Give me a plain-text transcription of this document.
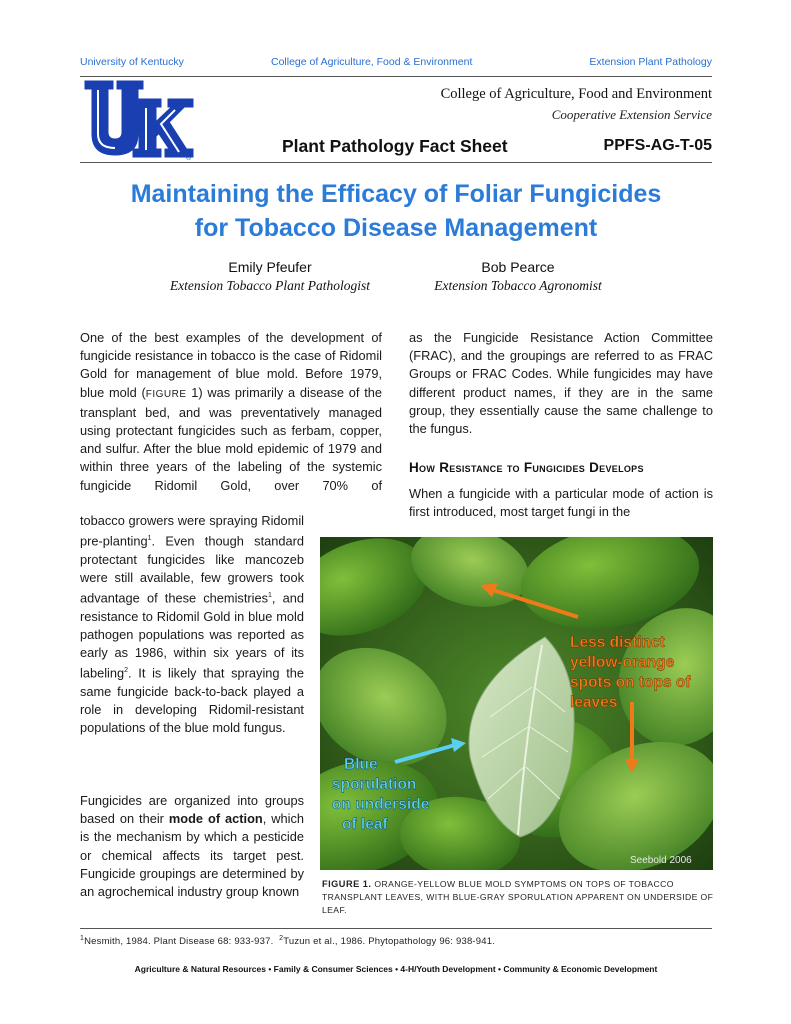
University of Kentucky	College of Agriculture, Food & Environment	Extension Plant Pathology
®
College of Agriculture, Food and Environment
Cooperative Extension Service
Plant Pathology Fact Sheet	PPFS-AG-T-05
Maintaining the Efficacy of Foliar Fungicides
for Tobacco Disease Management
Emily Pfeufer
Extension Tobacco Plant Pathologist
Bob Pearce
Extension Tobacco Agronomist
One of the best examples of the development of fungicide resistance in tobacco is the case of Ridomil Gold for management of blue mold. Before 1979, blue mold (FIGURE 1) was primarily a disease of the transplant bed, and was preventatively managed using protectant fungicides such as ferbam, copper, and sulfur. After the blue mold epidemic of 1979 and within three years of the labeling of the systemic fungicide Ridomil Gold, over 70% of
tobacco growers were spraying Ridomil pre-planting$^1$. Even though standard protectant fungicides like mancozeb were still available, few growers took advantage of these chemistries$^1$, and resistance to Ridomil Gold in blue mold pathogen populations was reported as early as 1986, within six years of its labeling$^2$. It is likely that spraying the same fungicide back-to-back played a role in developing Ridomil-resistant populations of the blue mold fungus.
Fungicides are organized into groups based on their mode of action, which is the mechanism by which a pesticide or chemical affects its target pest. Fungicide groupings are determined by an agrochemical industry group known
as the Fungicide Resistance Action Committee (FRAC), and the groupings are referred to as FRAC Groups or FRAC Codes. While fungicides may have different product names, if they are in the same group, they essentially cause the same challenge to the fungus.
How Resistance to Fungicides Develops
When a fungicide with a particular mode of action is first introduced, most target fungi in the
Less distinct
yellow-orange
spots on tops of
leaves
Blue
sporulation
on underside
of leaf
Seebold 2006
FIGURE 1. ORANGE-YELLOW BLUE MOLD SYMPTOMS ON TOPS OF TOBACCO TRANSPLANT LEAVES, WITH BLUE-GRAY SPORULATION APPARENT ON UNDERSIDE OF LEAF.
$^1$Nesmith, 1984. Plant Disease 68: 933-937. $^2$Tuzun et al., 1986. Phytopathology 96: 938-941.
Agriculture & Natural Resources • Family & Consumer Sciences • 4-H/Youth Development • Community & Economic Development
